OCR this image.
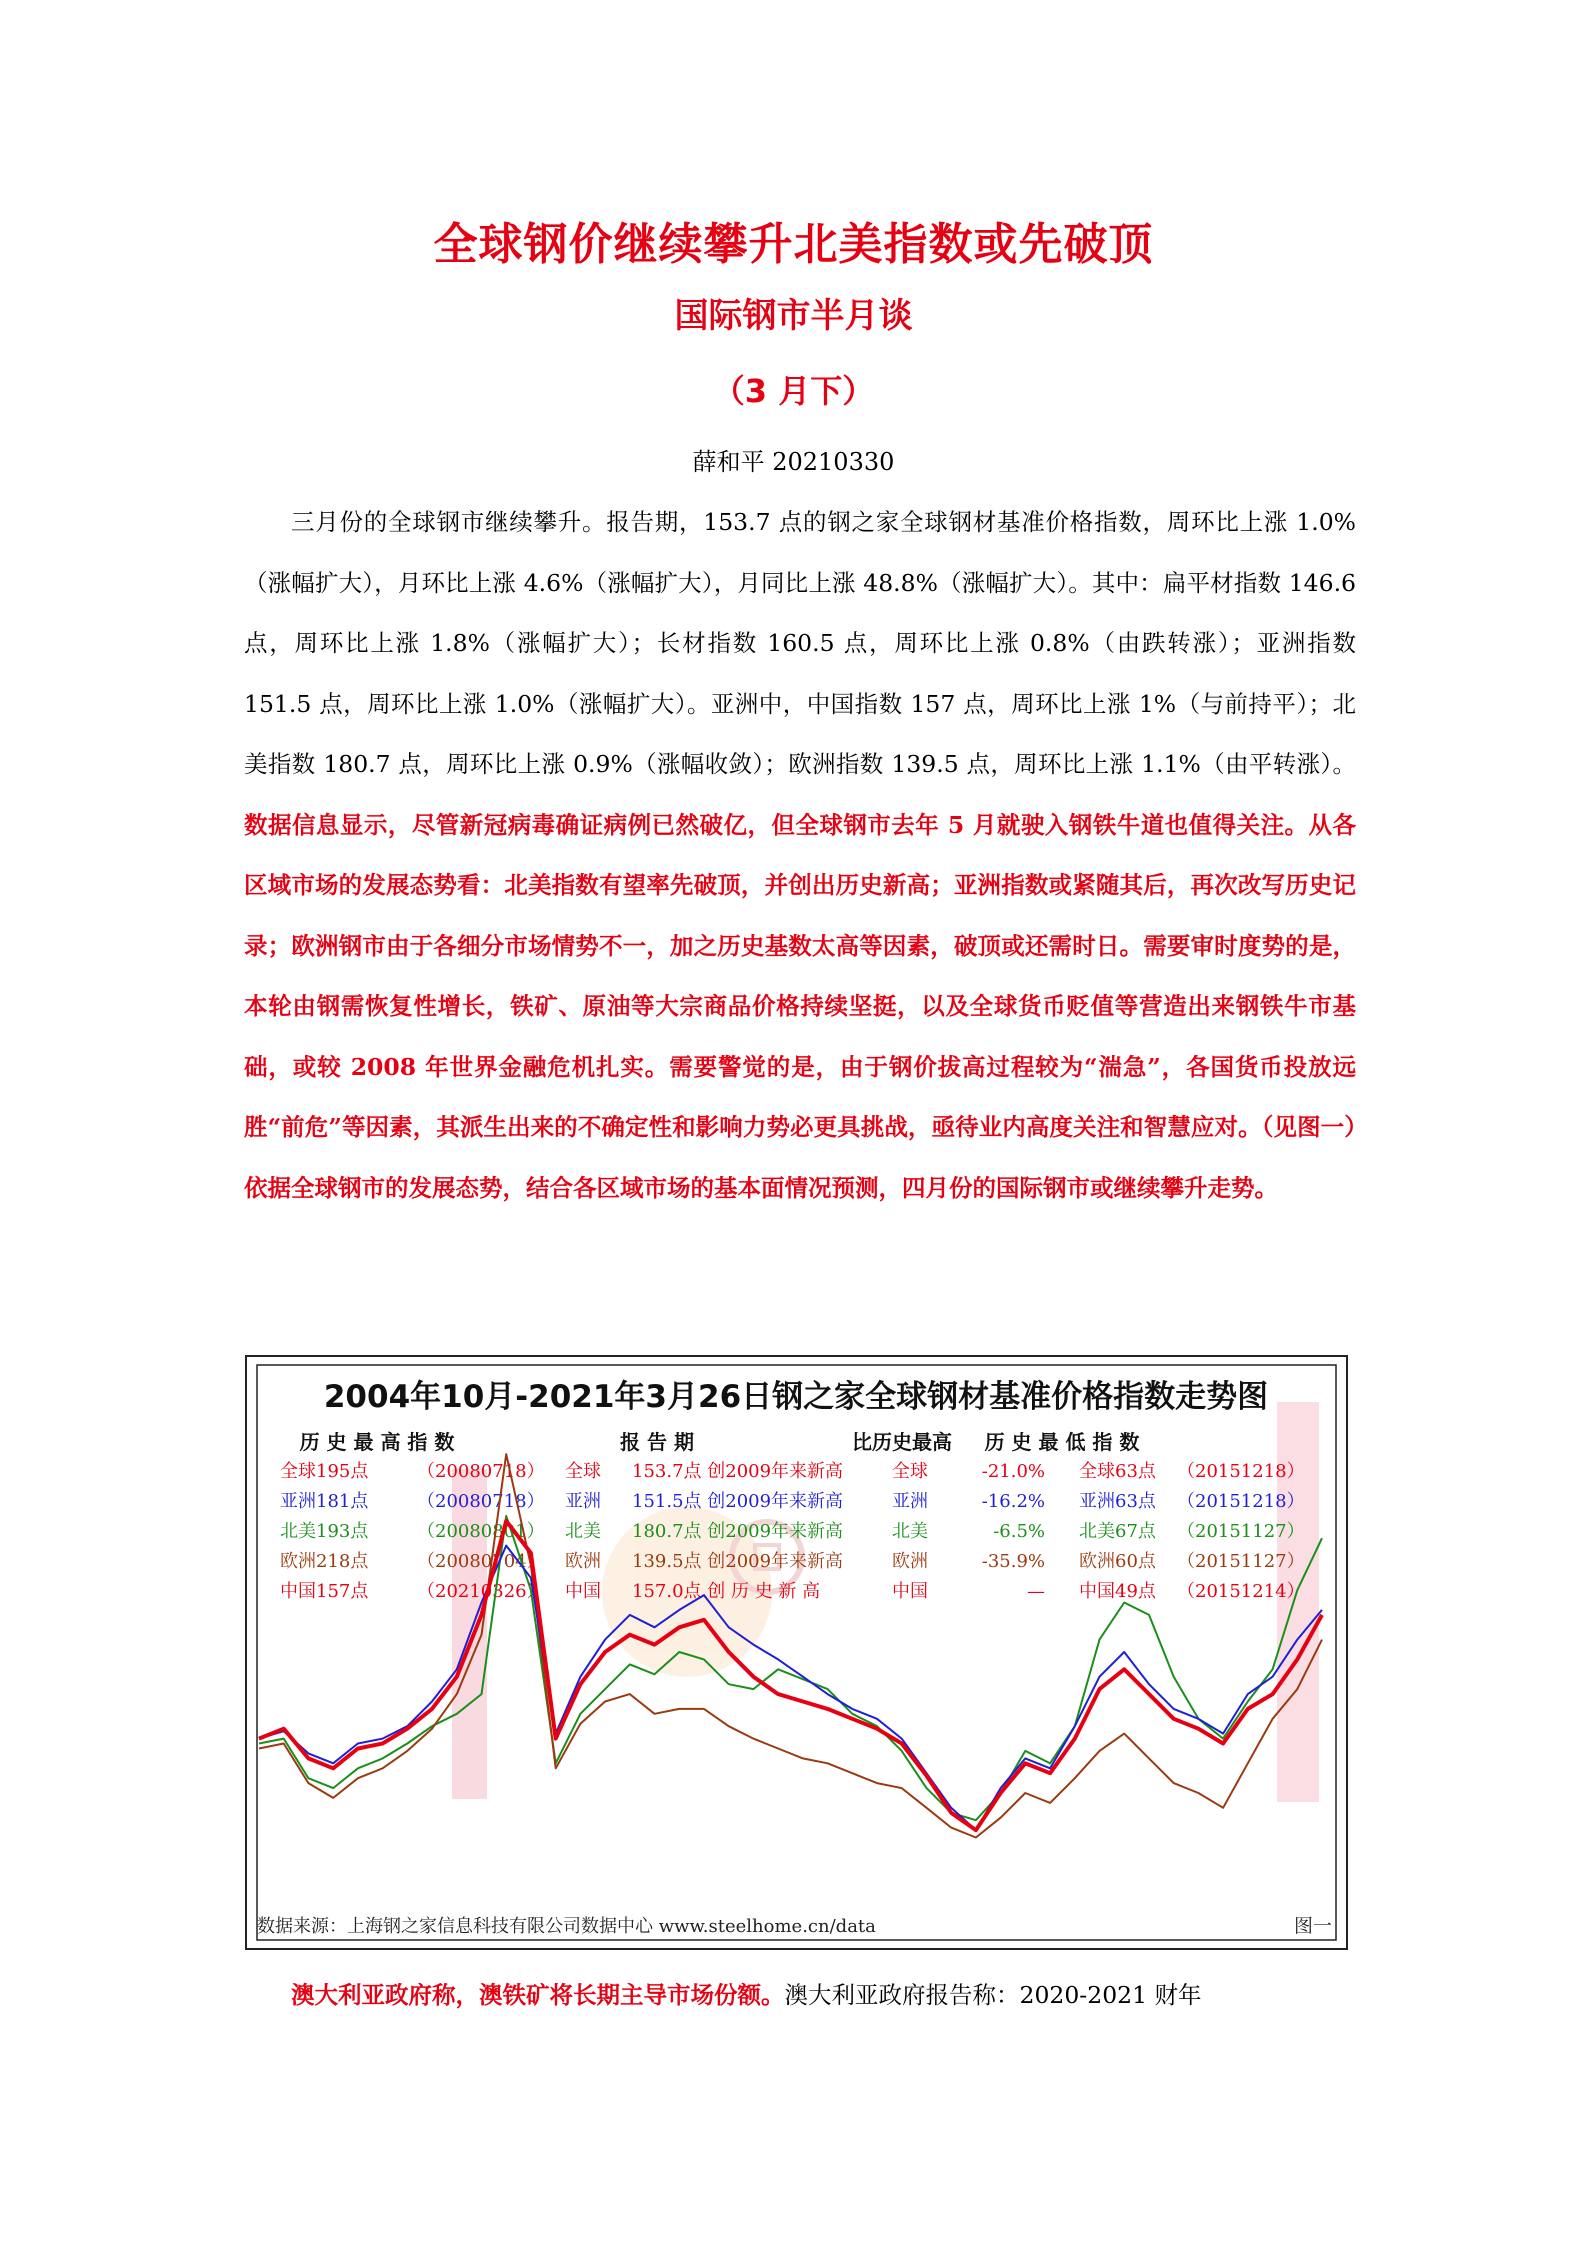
全球钢价继续攀升北美指数或先破顶
国际钢市半月谈
（3 月下）
薛和平 20210330

三月份的全球钢市继续攀升。报告期，153.7 点的钢之家全球钢材基准价格指数，周环比上涨 1.0%（涨幅扩大），月环比上涨 4.6%（涨幅扩大），月同比上涨 48.8%（涨幅扩大）。其中：扁平材指数 146.6 点，周环比上涨 1.8%（涨幅扩大）；长材指数 160.5 点，周环比上涨 0.8%（由跌转涨）；亚洲指数 151.5 点，周环比上涨 1.0%（涨幅扩大）。亚洲中，中国指数 157 点，周环比上涨 1%（与前持平）；北美指数 180.7 点，周环比上涨 0.9%（涨幅收敛）；欧洲指数 139.5 点，周环比上涨 1.1%（由平转涨）。数据信息显示，尽管新冠病毒确证病例已然破亿，但全球钢市去年 5 月就驶入钢铁牛道也值得关注。从各区域市场的发展态势看：北美指数有望率先破顶，并创出历史新高；亚洲指数或紧随其后，再次改写历史记录；欧洲钢市由于各细分市场情势不一，加之历史基数太高等因素，破顶或还需时日。需要审时度势的是，本轮由钢需恢复性增长，铁矿、原油等大宗商品价格持续坚挺，以及全球货币贬值等营造出来钢铁牛市基础，或较 2008 年世界金融危机扎实。需要警觉的是，由于钢价拔高过程较为“湍急”，各国货币投放远胜“前危”等因素，其派生出来的不确定性和影响力势必更具挑战，亟待业内高度关注和智慧应对。（见图一）依据全球钢市的发展态势，结合各区域市场的基本面情况预测，四月份的国际钢市或继续攀升走势。

2004年10月-2021年3月26日钢之家全球钢材基准价格指数走势图
历 史 最 高 指 数	报 告 期	比历史最高 历 史 最 低 指 数
全球195点	（20080718） 全球 153.7点 创2009年来新高	全球	-21.0% 全球63点 （20151218）
亚洲181点	（20080718） 亚洲 151.5点 创2009年来新高	亚洲	-16.2% 亚洲63点 （20151218）
北美193点	（20080801） 北美 180.7点 创2009年来新高	北美	-6.5% 北美67点 （20151127）
欧洲218点	（20080704） 欧洲 139.5点 创2009年来新高	欧洲	-35.9% 欧洲60点 （20151127）
中国157点	（20210326） 中国 157.0点 创 历 史 新 高	中国	— 中国49点 （20151214）
数据来源：上海钢之家信息科技有限公司数据中心 www.steelhome.cn/data	图一
澳大利亚政府称，澳铁矿将长期主导市场份额。澳大利亚政府报告称：2020-2021 财年
